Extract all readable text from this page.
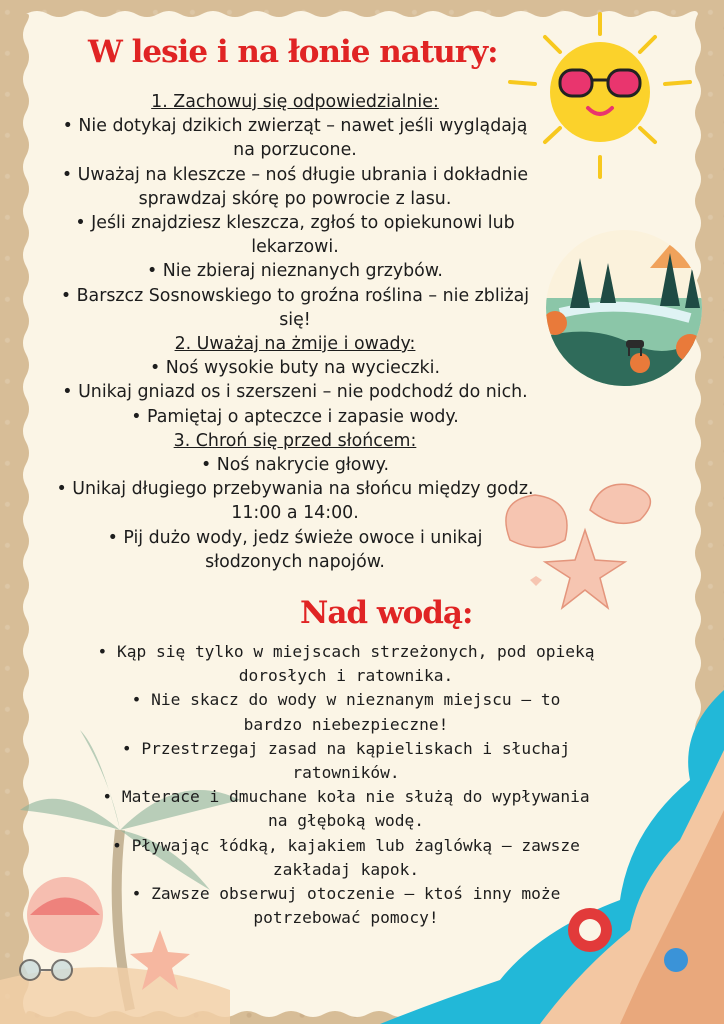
W lesie i na łonie natury:
1. Zachowuj się odpowiedzialnie:
• Nie dotykaj dzikich zwierząt – nawet jeśli wyglądają
na porzucone.
• Uważaj na kleszcze – noś długie ubrania i dokładnie
sprawdzaj skórę po powrocie z lasu.
• Jeśli znajdziesz kleszcza, zgłoś to opiekunowi lub
lekarzowi.
• Nie zbieraj nieznanych grzybów.
• Barszcz Sosnowskiego to groźna roślina – nie zbliżaj
się!
2. Uważaj na żmije i owady:
• Noś wysokie buty na wycieczki.
• Unikaj gniazd os i szerszeni – nie podchodź do nich.
• Pamiętaj o apteczce i zapasie wody.
3. Chroń się przed słońcem:
• Noś nakrycie głowy.
• Unikaj długiego przebywania na słońcu między godz.
11:00 a 14:00.
• Pij dużo wody, jedz świeże owoce i unikaj
słodzonych napojów.
Nad wodą:
• Kąp się tylko w miejscach strzeżonych, pod opieką
dorosłych i ratownika.
• Nie skacz do wody w nieznanym miejscu – to
bardzo niebezpieczne!
• Przestrzegaj zasad na kąpieliskach i słuchaj
ratowników.
• Materace i dmuchane koła nie służą do wypływania
na głęboką wodę.
• Pływając łódką, kajakiem lub żaglówką – zawsze
zakładaj kapok.
• Zawsze obserwuj otoczenie – ktoś inny może
potrzebować pomocy!
